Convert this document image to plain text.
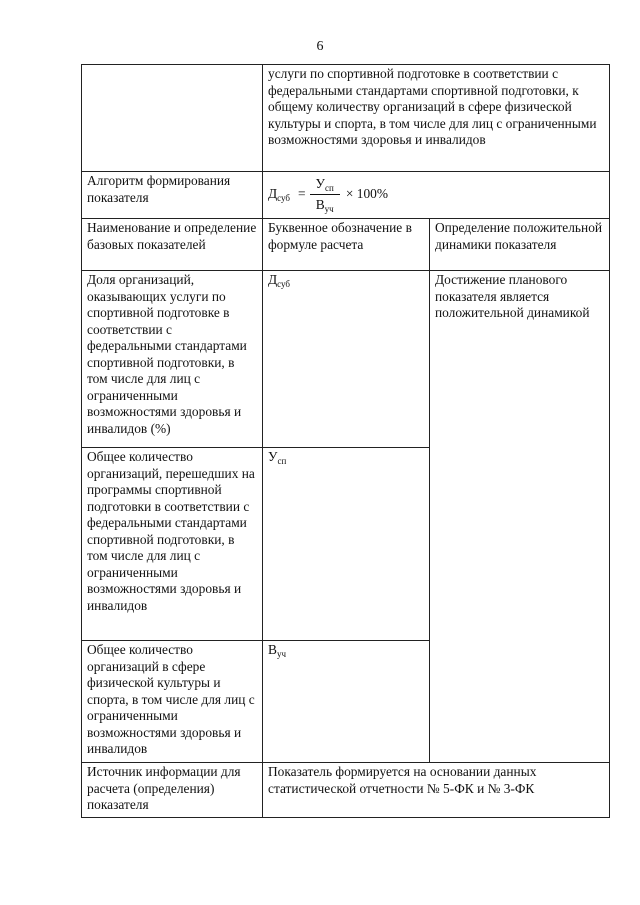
6
	услуги по спортивной подготовке в соответствии с федеральными стандартами спортивной подготовки, к общему количеству организаций в сфере физической культуры и спорта, в том числе для лиц с ограниченными возможностями здоровья и инвалидов	
Алгоритм формирования показателя	$Д_{суб} = \frac{У_{сп}}{В_{уч}} \times 100\%$	

Наименование и определение базовых показателей	Буквенное обозначение в формуле расчета	Определение положительной динамики показателя
Доля организаций, оказывающих услуги по спортивной подготовке в соответствии с федеральными стандартами спортивной подготовки, в том числе для лиц с ограниченными возможностями здоровья и инвалидов (%)	$Д_{суб}$	Достижение планового показателя является положительной динамикой
Общее количество организаций, перешедших на программы спортивной подготовки в соответствии с федеральными стандартами спортивной подготовки, в том числе для лиц с ограниченными возможностями здоровья и инвалидов	$У_{сп}$
Общее количество организаций в сфере физической культуры и спорта, в том числе для лиц с ограниченными возможностями здоровья и инвалидов	$В_{уч}$
Источник информации для расчета (определения) показателя	Показатель формируется на основании данных статистической отчетности № 5-ФК и № 3-ФК	
